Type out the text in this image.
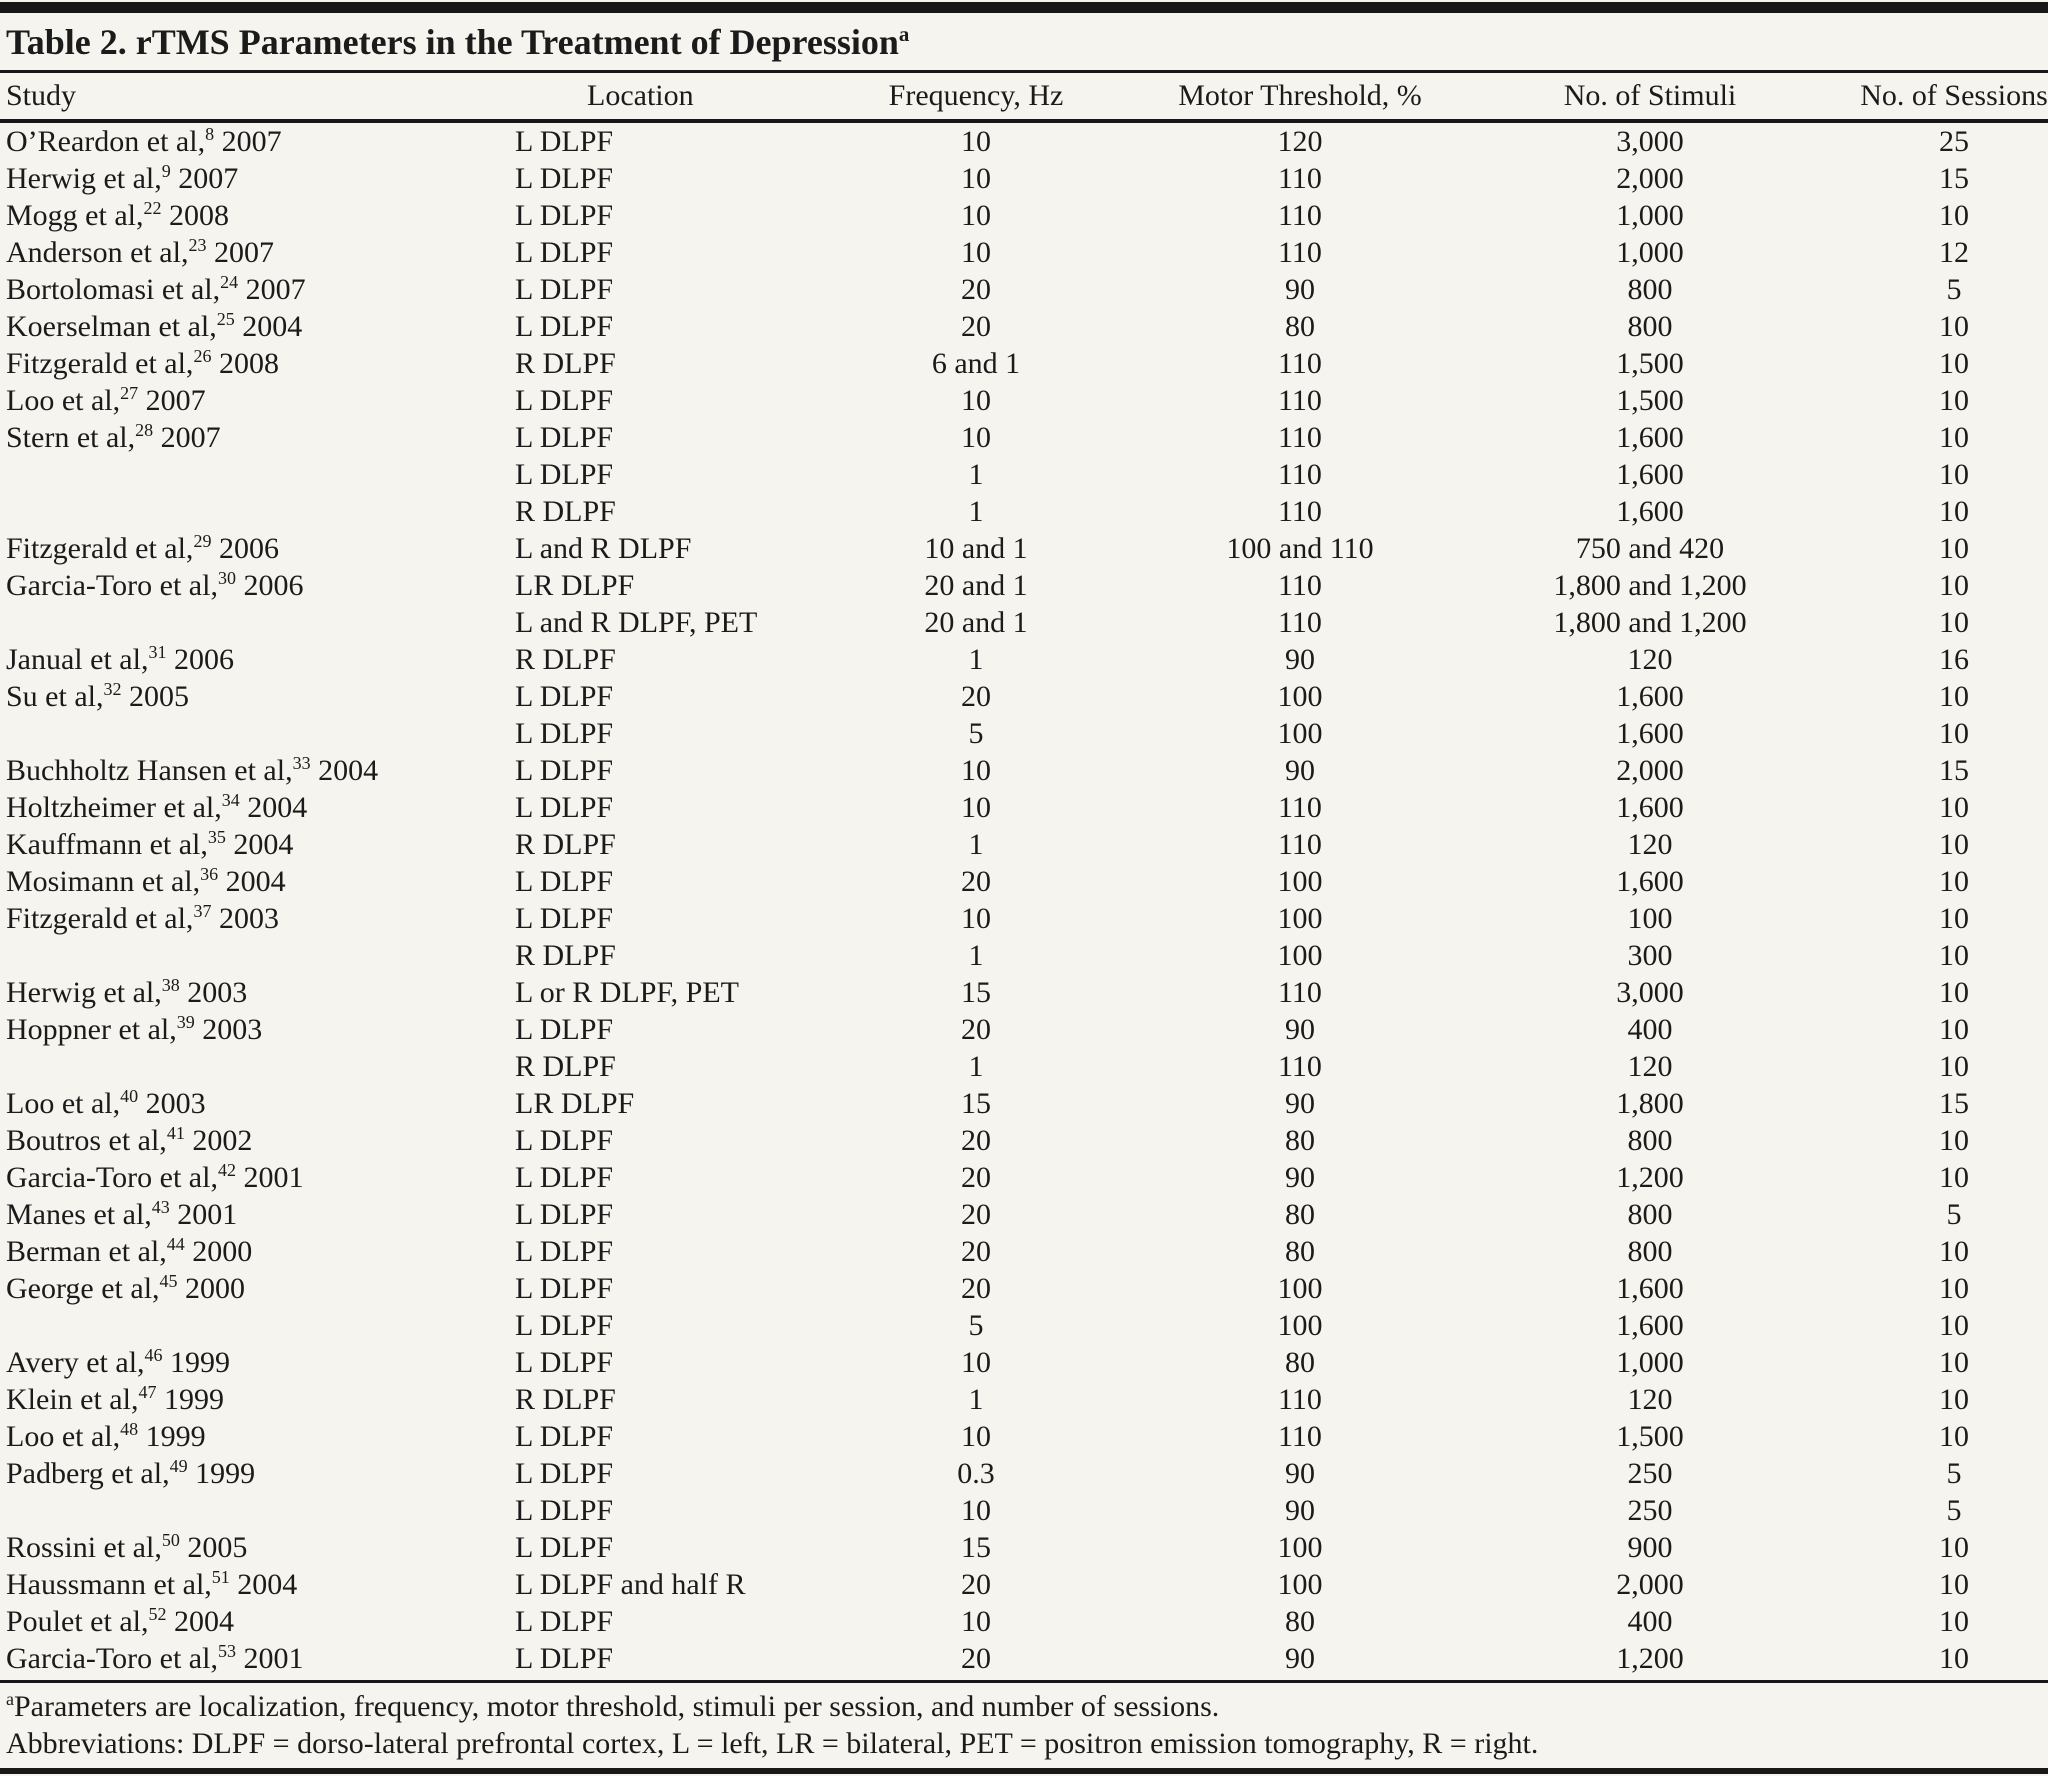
Table 2. rTMS Parameters in the Treatment of Depression$^a$
Study	Location	Frequency, Hz	Motor Threshold, %	No. of Stimuli	No. of Sessions
O’Reardon et al,$^8$ 2007	L DLPF	10	120	3,000	25
Herwig et al,$^9$ 2007	L DLPF	10	110	2,000	15
Mogg et al,$^{22}$ 2008	L DLPF	10	110	1,000	10
Anderson et al,$^{23}$ 2007	L DLPF	10	110	1,000	12
Bortolomasi et al,$^{24}$ 2007	L DLPF	20	90	800	5
Koerselman et al,$^{25}$ 2004	L DLPF	20	80	800	10
Fitzgerald et al,$^{26}$ 2008	R DLPF	6 and 1	110	1,500	10
Loo et al,$^{27}$ 2007	L DLPF	10	110	1,500	10
Stern et al,$^{28}$ 2007	L DLPF	10	110	1,600	10
	L DLPF	1	110	1,600	10
	R DLPF	1	110	1,600	10
Fitzgerald et al,$^{29}$ 2006	L and R DLPF	10 and 1	100 and 110	750 and 420	10
Garcia-Toro et al,$^{30}$ 2006	LR DLPF	20 and 1	110	1,800 and 1,200	10
	L and R DLPF, PET	20 and 1	110	1,800 and 1,200	10
Janual et al,$^{31}$ 2006	R DLPF	1	90	120	16
Su et al,$^{32}$ 2005	L DLPF	20	100	1,600	10
	L DLPF	5	100	1,600	10
Buchholtz Hansen et al,$^{33}$ 2004	L DLPF	10	90	2,000	15
Holtzheimer et al,$^{34}$ 2004	L DLPF	10	110	1,600	10
Kauffmann et al,$^{35}$ 2004	R DLPF	1	110	120	10
Mosimann et al,$^{36}$ 2004	L DLPF	20	100	1,600	10
Fitzgerald et al,$^{37}$ 2003	L DLPF	10	100	100	10
	R DLPF	1	100	300	10
Herwig et al,$^{38}$ 2003	L or R DLPF, PET	15	110	3,000	10
Hoppner et al,$^{39}$ 2003	L DLPF	20	90	400	10
	R DLPF	1	110	120	10
Loo et al,$^{40}$ 2003	LR DLPF	15	90	1,800	15
Boutros et al,$^{41}$ 2002	L DLPF	20	80	800	10
Garcia-Toro et al,$^{42}$ 2001	L DLPF	20	90	1,200	10
Manes et al,$^{43}$ 2001	L DLPF	20	80	800	5
Berman et al,$^{44}$ 2000	L DLPF	20	80	800	10
George et al,$^{45}$ 2000	L DLPF	20	100	1,600	10
	L DLPF	5	100	1,600	10
Avery et al,$^{46}$ 1999	L DLPF	10	80	1,000	10
Klein et al,$^{47}$ 1999	R DLPF	1	110	120	10
Loo et al,$^{48}$ 1999	L DLPF	10	110	1,500	10
Padberg et al,$^{49}$ 1999	L DLPF	0.3	90	250	5
	L DLPF	10	90	250	5
Rossini et al,$^{50}$ 2005	L DLPF	15	100	900	10
Haussmann et al,$^{51}$ 2004	L DLPF and half R	20	100	2,000	10
Poulet et al,$^{52}$ 2004	L DLPF	10	80	400	10
Garcia-Toro et al,$^{53}$ 2001	L DLPF	20	90	1,200	10
$^a$Parameters are localization, frequency, motor threshold, stimuli per session, and number of sessions.
Abbreviations: DLPF = dorso-lateral prefrontal cortex, L = left, LR = bilateral, PET = positron emission tomography, R = right.
